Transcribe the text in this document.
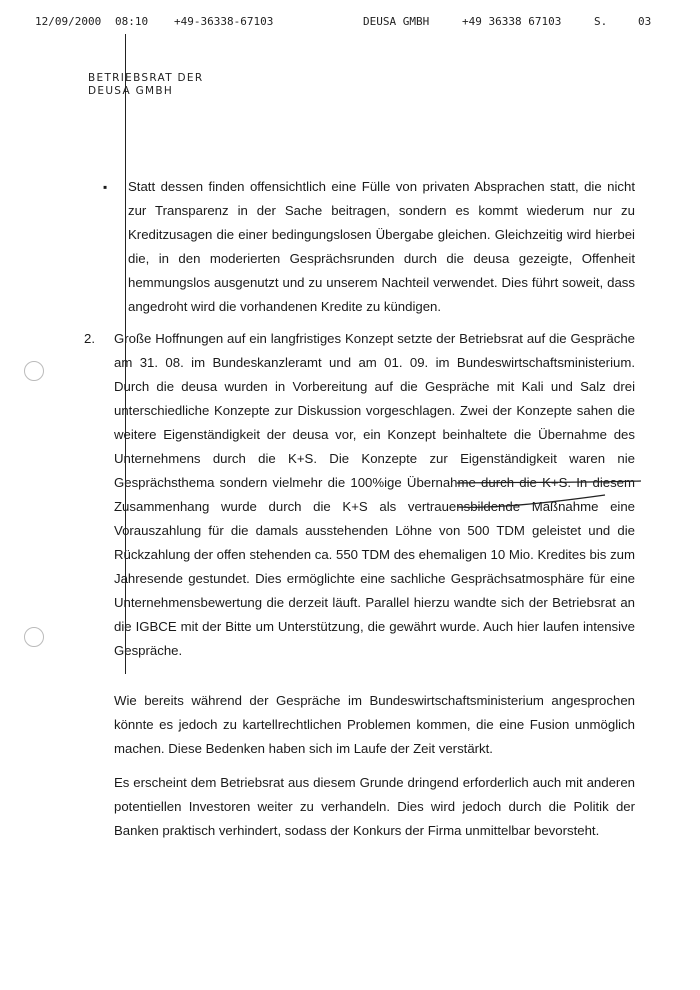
12/09/2000 08:10 +49-36338-67103	DEUSA GMBH	+49 36338 67103	S.	03
BETRIEBSRAT DER
DEUSA GMBH
▪ Statt dessen finden offensichtlich eine Fülle von privaten Absprachen statt, die nicht zur Transparenz in der Sache beitragen, sondern es kommt wiederum nur zu Kreditzusagen die einer bedingungslosen Übergabe gleichen. Gleichzeitig wird hierbei die, in den moderierten Gesprächsrunden durch die deusa gezeigte, Offenheit hemmungslos ausgenutzt und zu unserem Nachteil verwendet. Dies führt soweit, dass angedroht wird die vorhandenen Kredite zu kündigen.

2. Große Hoffnungen auf ein langfristiges Konzept setzte der Betriebsrat auf die Gespräche am 31. 08. im Bundeskanzleramt und am 01. 09. im Bundeswirtschaftsministerium. Durch die deusa wurden in Vorbereitung auf die Gespräche mit Kali und Salz drei unterschiedliche Konzepte zur Diskussion vorgeschlagen. Zwei der Konzepte sahen die weitere Eigenständigkeit der deusa vor, ein Konzept beinhaltete die Übernahme des Unternehmens durch die K+S. Die Konzepte zur Eigenständigkeit waren nie Gesprächsthema sondern vielmehr die 100%ige Übernahme durch die K+S. In diesem Zusammenhang wurde durch die K+S als vertrauensbildende Maßnahme eine Vorauszahlung für die damals ausstehenden Löhne von 500 TDM geleistet und die Rückzahlung der offen stehenden ca. 550 TDM des ehemaligen 10 Mio. Kredites bis zum Jahresende gestundet. Dies ermöglichte eine sachliche Gesprächsatmosphäre für eine Unternehmensbewertung die derzeit läuft. Parallel hierzu wandte sich der Betriebsrat an die IGBCE mit der Bitte um Unterstützung, die gewährt wurde. Auch hier laufen intensive Gespräche.

Wie bereits während der Gespräche im Bundeswirtschaftsministerium angesprochen könnte es jedoch zu kartellrechtlichen Problemen kommen, die eine Fusion unmöglich machen. Diese Bedenken haben sich im Laufe der Zeit verstärkt.

Es erscheint dem Betriebsrat aus diesem Grunde dringend erforderlich auch mit anderen potentiellen Investoren weiter zu verhandeln. Dies wird jedoch durch die Politik der Banken praktisch verhindert, sodass der Konkurs der Firma unmittelbar bevorsteht.
